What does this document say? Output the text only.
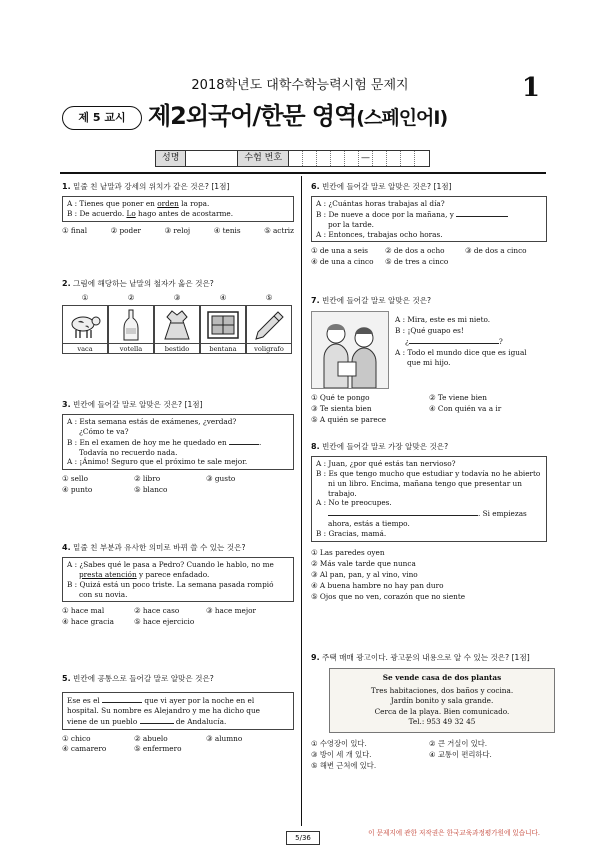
2018학년도 대학수학능력시험 문제지	1
제 5 교시 제2외국어/한문 영역(스페인어Ⅰ)
성명	수험 번호	—
1. 밑줄 친 낱말과 강세의 위치가 같은 것은? [1점]
A : Tienes que poner en orden la ropa.
B : De acuerdo. Lo hago antes de acostarme.
① final	② poder	③ reloj	④ tenis	⑤ actriz
2. 그림에 해당하는 낱말의 철자가 옳은 것은?
①	②	③	④	⑤
vaca	votella	bestido	bentana	voligrafo
3. 빈칸에 들어갈 말로 알맞은 것은? [1점]
A : Esta semana estás de exámenes, ¿verdad?
¿Cómo te va?
B : En el examen de hoy me he quedado en	.
Todavía no recuerdo nada.
A : ¡Ánimo! Seguro que el próximo te sale mejor.
① sello	② libro	③ gusto
④ punto	⑤ blanco
4. 밑줄 친 부분과 유사한 의미로 바뀌 쓸 수 있는 것은?
A : ¿Sabes qué le pasa a Pedro? Cuando le hablo, no me
presta atención y parece enfadado.
B : Quizá está un poco triste. La semana pasada rompió
con su novia.
① hace mal	② hace caso	③ hace mejor
④ hace gracia	⑤ hace ejercicio
5. 빈칸에 공통으로 들어갈 말로 알맞은 것은?
Ese es el	que vi ayer por la noche en el
hospital. Su nombre es Alejandro y me ha dicho que
viene de un pueblo	de Andalucía.
① chico	② abuelo	③ alumno
④ camarero	⑤ enfermero
6. 빈칸에 들어갈 말로 알맞은 것은? [1점]
A : ¿Cuántas horas trabajas al día?
B : De nueve a doce por la mañana, y
por la tarde.
A : Entonces, trabajas ocho horas.
① de una a seis	② de dos a ocho	③ de dos a cinco
④ de una a cinco	⑤ de tres a cinco
7. 빈칸에 들어갈 말로 알맞은 것은?
A : Mira, este es mi nieto.
B : ¡Qué guapo es!
¿	?
A : Todo el mundo dice que es igual
que mi hijo.
① Qué te pongo	② Te viene bien
③ Te sienta bien	④ Con quién va a ir
⑤ A quién se parece
8. 빈칸에 들어갈 말로 가장 알맞은 것은?
A : Juan, ¿por qué estás tan nervioso?
B : Es que tengo mucho que estudiar y todavía no he abierto
ni un libro. Encima, mañana tengo que presentar un trabajo.
A : No te preocupes.
. Si empiezas
ahora, estás a tiempo.
B : Gracias, mamá.
① Las paredes oyen
② Más vale tarde que nunca
③ Al pan, pan, y al vino, vino
④ A buena hambre no hay pan duro
⑤ Ojos que no ven, corazón que no siente
9. 주택 매매 광고이다. 광고문의 내용으로 알 수 있는 것은? [1점]
Se vende casa de dos plantas
Tres habitaciones, dos baños y cocina.
Jardín bonito y sala grande.
Cerca de la playa. Bien comunicado.
Tel.: 953 49 32 45
① 수영장이 있다.	② 큰 거실이 있다.
③ 방이 세 개 있다.	④ 교통이 편리하다.
⑤ 해변 근처에 있다.
5/36
이 문제지에 관한 저작권은 한국교육과정평가원에 있습니다.
